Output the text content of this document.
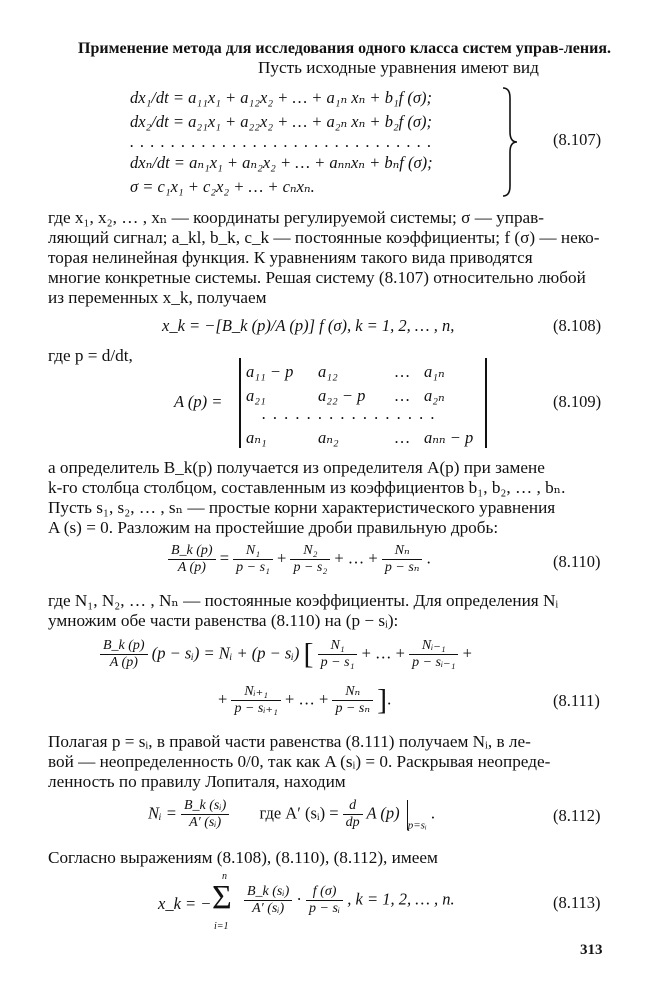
Применение метода для исследования одного класса систем управ-ления.
Пусть исходные уравнения имеют вид
dx₁/dt = a₁₁x₁ + a₁₂x₂ + … + a₁ₙ xₙ + b₁f (σ);
dx₂/dt = a₂₁x₁ + a₂₂x₂ + … + a₂ₙ xₙ + b₂f (σ);
. . . . . . . . . . . . . . . . . . . . . . . . . . . . . .
dxₙ/dt = aₙ₁x₁ + aₙ₂x₂ + … + aₙₙxₙ + bₙf (σ);
σ = c₁x₁ + c₂x₂ + … + cₙxₙ.
(8.107)
где x₁, x₂, … , xₙ — координаты регулируемой системы; σ — управ-
ляющий сигнал; a_kl, b_k, c_k — постоянные коэффициенты; f (σ) — неко-
торая нелинейная функция. К уравнениям такого вида приводятся
многие конкретные системы. Решая систему (8.107) относительно любой
из переменных x_k, получаем
x_k = −[B_k (p)/A (p)] f (σ), k = 1, 2, … , n,	(8.108)
где p = d/dt,
A (p) =
a₁₁ − p a₁₂	… a₁ₙ
a₂₁	a₂₂ − p … a₂ₙ
. . . . . . . . . . . . . . . .
aₙ₁	aₙ₂	… aₙₙ − p
(8.109)
а определитель B_k(p) получается из определителя A(p) при замене
k-го столбца столбцом, составленным из коэффициентов b₁, b₂, … , bₙ.
Пусть s₁, s₂, … , sₙ — простые корни характеристического уравнения
A (s) = 0. Разложим на простейшие дроби правильную дробь:
$\frac{B\_k (p)}{A (p)} = \frac{\text{N₁}}{\text{p − s₁}} + \frac{\text{N₂}}{\text{p − s₂}}$ + … + $\frac{\text{Nₙ}}{\text{p − sₙ}}$ .	(8.110)
где N₁, N₂, … , Nₙ — постоянные коэффициенты. Для определения Nᵢ
умножим обе части равенства (8.110) на (p − sᵢ):
$\frac{B\_k (p)}{A (p)} (p$ − sᵢ) = Nᵢ + (p − sᵢ) [ $\frac{\text{N₁}}{\text{p − s₁}}$ + … + $\frac{\text{Nᵢ₋₁}}{\text{p − sᵢ₋₁}}$ +
+ $\frac{\text{Nᵢ₊₁}}{\text{p − sᵢ₊₁}}$ + … + $\frac{\text{Nₙ}}{\text{p − sₙ}}$ ].	(8.111)
Полагая p = sᵢ, в правой части равенства (8.111) получаем Nᵢ, в ле-
вой — неопределенность 0/0, так как A (sᵢ) = 0. Раскрывая неопреде-
ленность по правилу Лопиталя, находим
Nᵢ = $\frac{\text{B\_k (sᵢ)}}{\text{A′ (sᵢ)}}$ где A′ (sᵢ) = $\frac{d}{dp}$ A (p) $_{p=sᵢ}$ .	(8.112)
Согласно выражениям (8.108), (8.110), (8.112), имеем
x_k = −
n
Σ
i=1
$\frac{\text{B\_k (sᵢ)}}{\text{A′ (sᵢ)}} \cdot \frac{f (\sigma)}{\text{p − sᵢ}}$ , k = 1, 2, … , n.	(8.113)
313
